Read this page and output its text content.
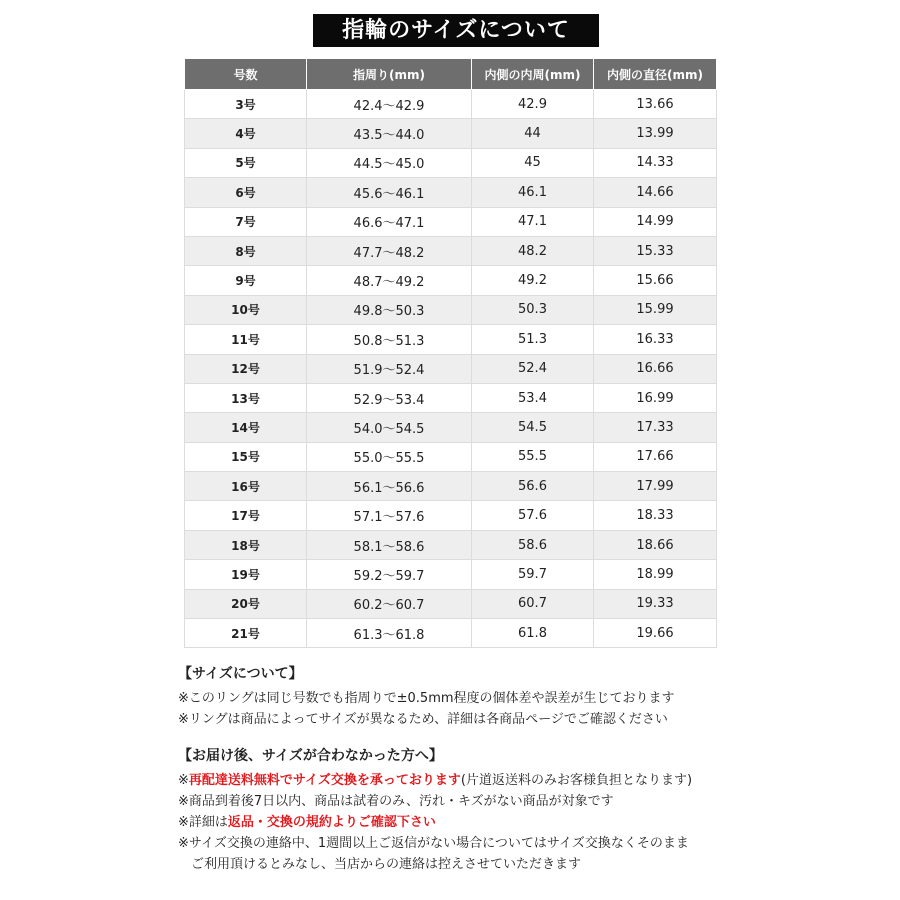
指輪のサイズについて
号数	指周り(mm)	内側の内周(mm)	内側の直径(mm)
3号	42.4～42.9	42.9	13.66
4号	43.5～44.0	44	13.99
5号	44.5～45.0	45	14.33
6号	45.6～46.1	46.1	14.66
7号	46.6～47.1	47.1	14.99
8号	47.7～48.2	48.2	15.33
9号	48.7～49.2	49.2	15.66
10号	49.8～50.3	50.3	15.99
11号	50.8～51.3	51.3	16.33
12号	51.9～52.4	52.4	16.66
13号	52.9～53.4	53.4	16.99
14号	54.0～54.5	54.5	17.33
15号	55.0～55.5	55.5	17.66
16号	56.1～56.6	56.6	17.99
17号	57.1～57.6	57.6	18.33
18号	58.1～58.6	58.6	18.66
19号	59.2～59.7	59.7	18.99
20号	60.2～60.7	60.7	19.33
21号	61.3～61.8	61.8	19.66
【サイズについて】
※このリングは同じ号数でも指周りで±0.5mm程度の個体差や誤差が生じております
※リングは商品によってサイズが異なるため、詳細は各商品ページでご確認ください
【お届け後、サイズが合わなかった方へ】
※再配達送料無料でサイズ交換を承っております(片道返送料のみお客様負担となります)
※商品到着後7日以内、商品は試着のみ、汚れ・キズがない商品が対象です
※詳細は返品・交換の規約よりご確認下さい
※サイズ交換の連絡中、1週間以上ご返信がない場合についてはサイズ交換なくそのまま
ご利用頂けるとみなし、当店からの連絡は控えさせていただきます
